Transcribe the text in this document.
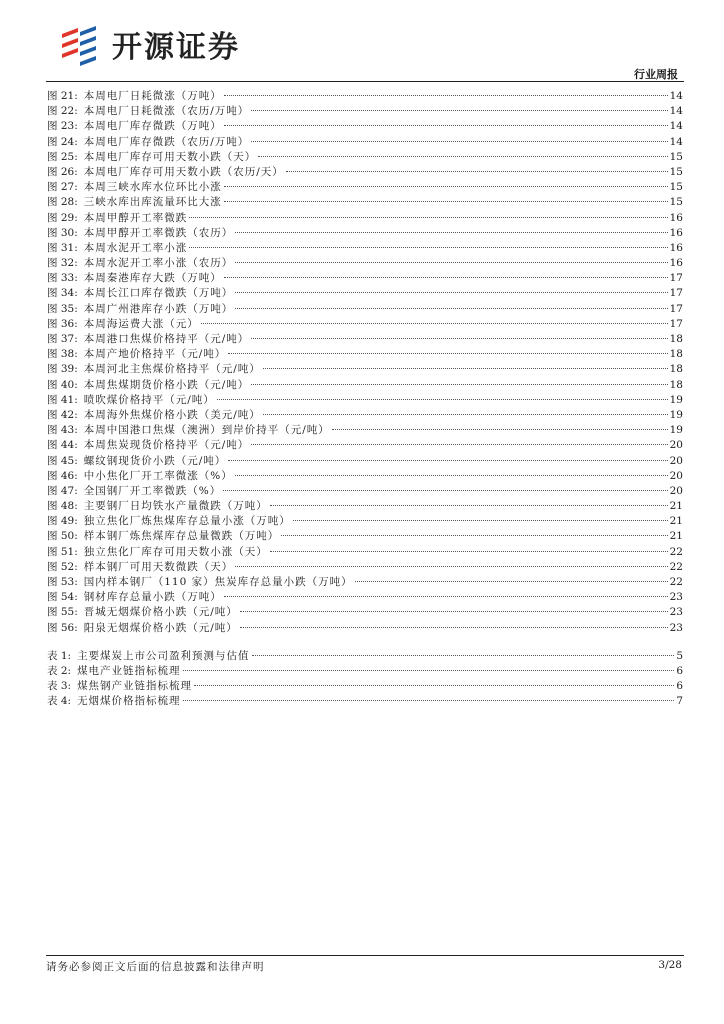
开源证券
行业周报
图 21: 本周电厂日耗微涨（万吨）	14
图 22: 本周电厂日耗微涨（农历/万吨）	14
图 23: 本周电厂库存微跌（万吨）	14
图 24: 本周电厂库存微跌（农历/万吨）	14
图 25: 本周电厂库存可用天数小跌（天）	15
图 26: 本周电厂库存可用天数小跌（农历/天）	15
图 27: 本周三峡水库水位环比小涨	15
图 28: 三峡水库出库流量环比大涨	15
图 29: 本周甲醇开工率微跌	16
图 30: 本周甲醇开工率微跌（农历）	16
图 31: 本周水泥开工率小涨	16
图 32: 本周水泥开工率小涨（农历）	16
图 33: 本周秦港库存大跌（万吨）	17
图 34: 本周长江口库存微跌（万吨）	17
图 35: 本周广州港库存小跌（万吨）	17
图 36: 本周海运费大涨（元）	17
图 37: 本周港口焦煤价格持平（元/吨）	18
图 38: 本周产地价格持平（元/吨）	18
图 39: 本周河北主焦煤价格持平（元/吨）	18
图 40: 本周焦煤期货价格小跌（元/吨）	18
图 41: 喷吹煤价格持平（元/吨）	19
图 42: 本周海外焦煤价格小跌（美元/吨）	19
图 43: 本周中国港口焦煤（澳洲）到岸价持平（元/吨）	19
图 44: 本周焦炭现货价格持平（元/吨）	20
图 45: 螺纹钢现货价小跌（元/吨）	20
图 46: 中小焦化厂开工率微涨（%）	20
图 47: 全国钢厂开工率微跌（%）	20
图 48: 主要钢厂日均铁水产量微跌（万吨）	21
图 49: 独立焦化厂炼焦煤库存总量小涨（万吨）	21
图 50: 样本钢厂炼焦煤库存总量微跌（万吨）	21
图 51: 独立焦化厂库存可用天数小涨（天）	22
图 52: 样本钢厂可用天数微跌（天）	22
图 53: 国内样本钢厂（110 家）焦炭库存总量小跌（万吨）	22
图 54: 钢材库存总量小跌（万吨）	23
图 55: 晋城无烟煤价格小跌（元/吨）	23
图 56: 阳泉无烟煤价格小跌（元/吨）	23
表 1: 主要煤炭上市公司盈利预测与估值	5
表 2: 煤电产业链指标梳理	6
表 3: 煤焦钢产业链指标梳理	6
表 4: 无烟煤价格指标梳理	7
请务必参阅正文后面的信息披露和法律声明	3/28
